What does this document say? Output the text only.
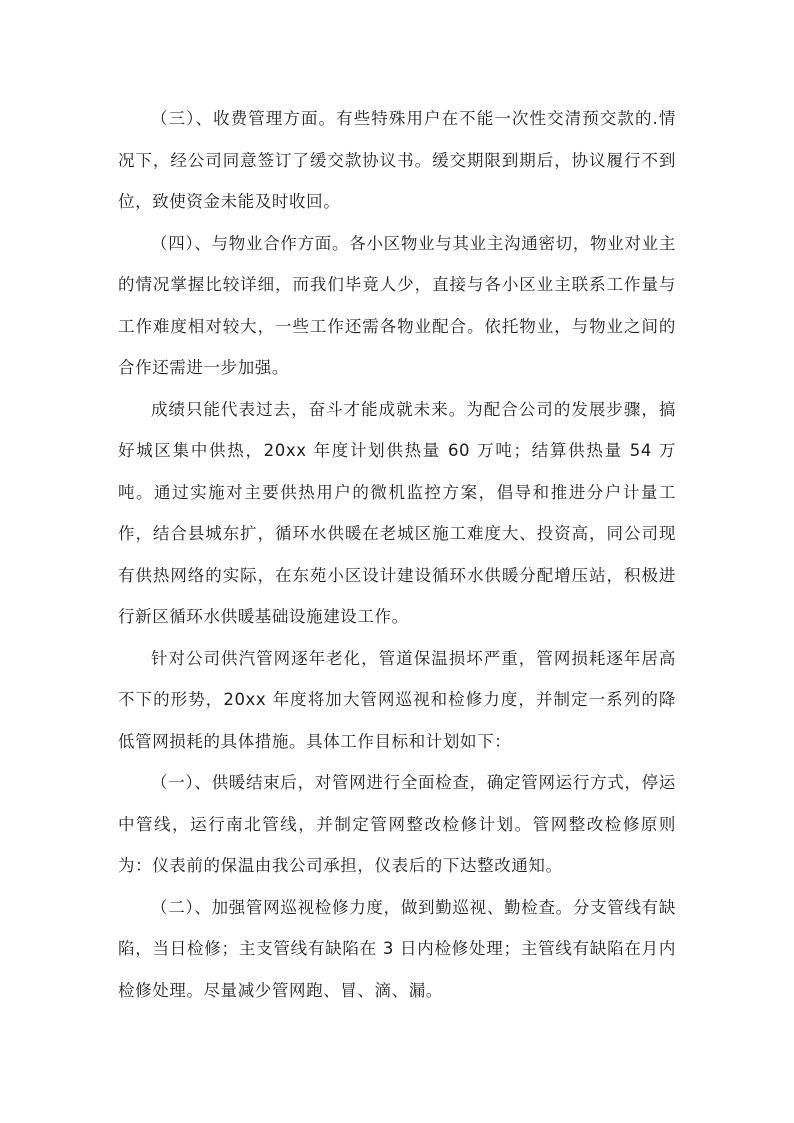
（三）、收费管理方面。有些特殊用户在不能一次性交清预交款的.情况下，经公司同意签订了缓交款协议书。缓交期限到期后，协议履行不到位，致使资金未能及时收回。

（四）、与物业合作方面。各小区物业与其业主沟通密切，物业对业主的情况掌握比较详细，而我们毕竟人少，直接与各小区业主联系工作量与工作难度相对较大，一些工作还需各物业配合。依托物业，与物业之间的合作还需进一步加强。

成绩只能代表过去，奋斗才能成就未来。为配合公司的发展步骤，搞好城区集中供热，20xx 年度计划供热量 60 万吨；结算供热量 54 万吨。通过实施对主要供热用户的微机监控方案，倡导和推进分户计量工作，结合县城东扩，循环水供暖在老城区施工难度大、投资高，同公司现有供热网络的实际，在东苑小区设计建设循环水供暖分配增压站，积极进行新区循环水供暖基础设施建设工作。

针对公司供汽管网逐年老化，管道保温损坏严重，管网损耗逐年居高不下的形势，20xx 年度将加大管网巡视和检修力度，并制定一系列的降低管网损耗的具体措施。具体工作目标和计划如下：

（一）、供暖结束后，对管网进行全面检查，确定管网运行方式，停运中管线，运行南北管线，并制定管网整改检修计划。管网整改检修原则为：仪表前的保温由我公司承担，仪表后的下达整改通知。

（二）、加强管网巡视检修力度，做到勤巡视、勤检查。分支管线有缺陷，当日检修；主支管线有缺陷在 3 日内检修处理；主管线有缺陷在月内检修处理。尽量减少管网跑、冒、滴、漏。
